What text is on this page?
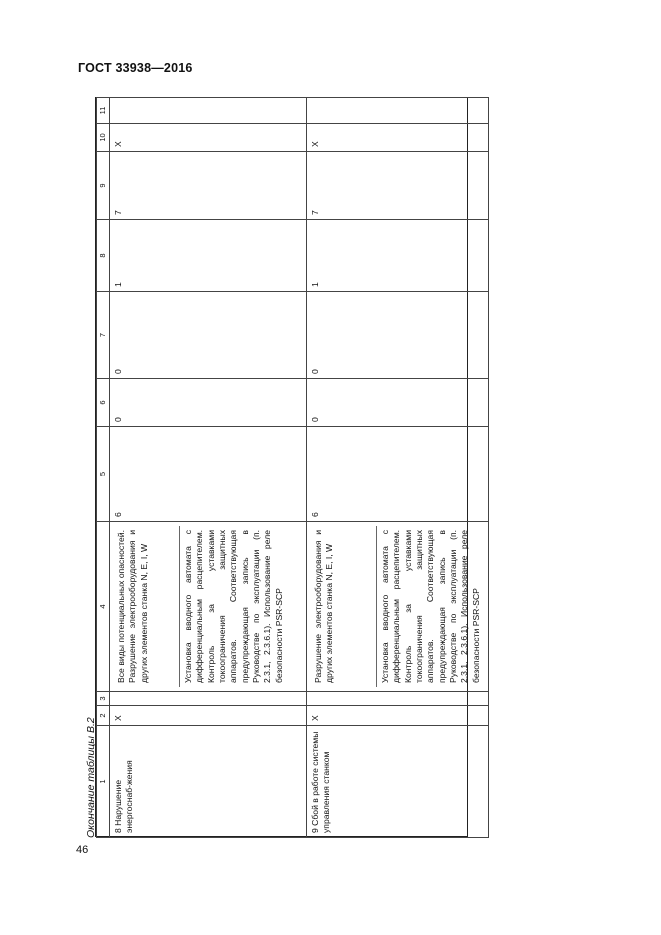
ГОСТ 33938—2016
Окончание таблицы В.2 1	2	3	4	5	6	7	8	9	10	11
8 Нарушение энергоснаб-жения	Х		Все виды потенциальных опасностей. Разрушение электрооборудования и других элементов станка N, E, I, W Установка вводного автомата с дифференциальным расцепителем. Контроль за уставками токоограничения защитных аппаратов. Соответствующая предупреждающая запись в Руководстве по эксплуатации (п. 2.3.1, 2.3.6.1). Использование реле безопасности PSR-SCP	6	0	0	1	7	Х	
9 Сбой в работе системы управления станком	Х		Разрушение электрооборудования и других элементов станка N, E, I, W Установка вводного автомата с дифференциальным расцепителем. Контроль за уставками токоограничения защитных аппаратов. Соответствующая предупреждающая запись в Руководстве по эксплуатации (п. 2.3.1, 2.3.6.1). Использование реле безопасности PSR-SCP	6	0	0	1	7	Х	
46
